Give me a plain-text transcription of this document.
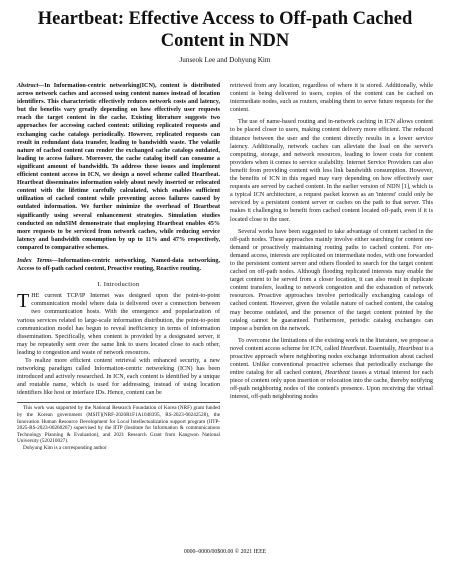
Heartbeat: Effective Access to Off-path Cached Content in NDN
Junseok Lee and Dohyung Kim

Abstract—In Information-centric networking(ICN), content is distributed across network caches and accessed using content names instead of location identifiers. This characteristic effectively reduces network costs and latency, but the benefits vary greatly depending on how effectively user requests reach the target content in the cache. Existing literature suggests two approaches for accessing cached content: utilizing replicated requests and exchanging cache catalogs periodically. However, replicated requests can result in redundant data transfer, leading to bandwidth waste. The volatile nature of cached content can render the exchanged cache catalogs outdated, leading to access failure. Moreover, the cache catalog itself can consume a significant amount of bandwidth. To address these issues and implement efficient content access in ICN, we design a novel scheme called Heartbeat. Heartbeat disseminates information solely about newly inserted or relocated content with the lifetime carefully calculated, which enables sufficient utilization of cached content while preventing access failures caused by outdated information. We further minimize the overhead of Heartbeat significantly using several enhancement strategies. Simulation studies conducted on ndnSIM demonstrate that employing Heartbeat enables 45% more requests to be serviced from network caches, while reducing service latency and bandwidth consumption by up to 11% and 47% respectively, compared to comparative schemes.

Index Terms—Information-centric networking, Named-data networking, Access to off-path cached content, Proactive routing, Reactive routing.

I. Introduction

THE current TCP/IP Internet was designed upon the point-to-point communication model where data is delivered over a connection between two communication hosts. With the emergence and popularization of various services related to large-scale information distribution, the point-to-point communication model has begun to reveal inefficiency in terms of information dissemination. Specifically, when content is provided by a designated server, it may be repeatedly sent over the same link to users located close to each other, leading to congestion and waste of network resources.

To realize more efficient content retrieval with enhanced security, a new networking paradigm called Information-centric networking (ICN) has been introduced and actively researched. In ICN, each content is identified by a unique and routable name, which is used for addressing, instead of using location identifiers like host or interface IDs. Hence, content can be

This work was supported by the National Research Foundation of Korea (NRF) grant funded by the Korean government (MSIT)(NRF-2020R1F1A1048395, RS-2023-00242528), the Innovation Human Resource Development for Local Intellectualization support program (IITP-2025-RS-2023-00260267) supervised by the IITP (Institute for Information & communications Technology Planning & Evaluation), and 2021 Research Grant from Kangwon National University (520210027).
Dohyung Kim is a corresponding author

retrieved from any location, regardless of where it is stored. Additionally, while content is being delivered to users, copies of the content can be cached on intermediate nodes, such as routers, enabling them to serve future requests for the content.

The use of name-based routing and in-network caching in ICN allows content to be placed closer to users, making content delivery more efficient. The reduced distance between the user and the content directly results in a lower service latency. Additionally, network caches can alleviate the load on the server's computing, storage, and network resources, leading to lower costs for content providers when it comes to service scalability. Internet Service Providers can also benefit from providing content with less link bandwidth consumption. However, the benefits of ICN in this regard may vary depending on how effectively user requests are served by cached content. In the earlier version of NDN [1], which is a typical ICN architecture, a request packet known as an 'interest' could only be serviced by a persistent content server or caches on the path to that server. This makes it challenging to benefit from cached content located off-path, even if it is located close to the user.

Several works have been suggested to take advantage of content cached in the off-path nodes. These approaches mainly involve either searching for content on-demand or proactively maintaining routing paths to cached content. For on-demand access, interests are replicated on intermediate nodes, with one forwarded to the persistent content server and others flooded to search for the target content cached on off-path nodes. Although flooding replicated interests may enable the target content to be served from a closer location, it can also result in duplicate content transfers, leading to network congestion and the exhaustion of network resources. Proactive approaches involve periodically exchanging catalogs of cached content. However, given the volatile nature of cached content, the catalog may become outdated, and the presence of the target content pointed by the catalog cannot be guaranteed. Furthermore, periodic catalog exchanges can impose a burden on the network.

To overcome the limitations of the existing work in the literature, we propose a novel content access scheme for ICN, called Heartbeat. Essentially, Heartbeat is a proactive approach where neighboring nodes exchange information about cached content. Unlike conventional proactive schemes that periodically exchange the entire catalog for all cached content, Heartbeat issues a virtual interest for each piece of content only upon insertion or relocation into the cache, thereby notifying off-path neighboring nodes of the content's presence. Upon receiving the virtual interest, off-path neighboring nodes

0000–0000/00$00.00 © 2021 IEEE
